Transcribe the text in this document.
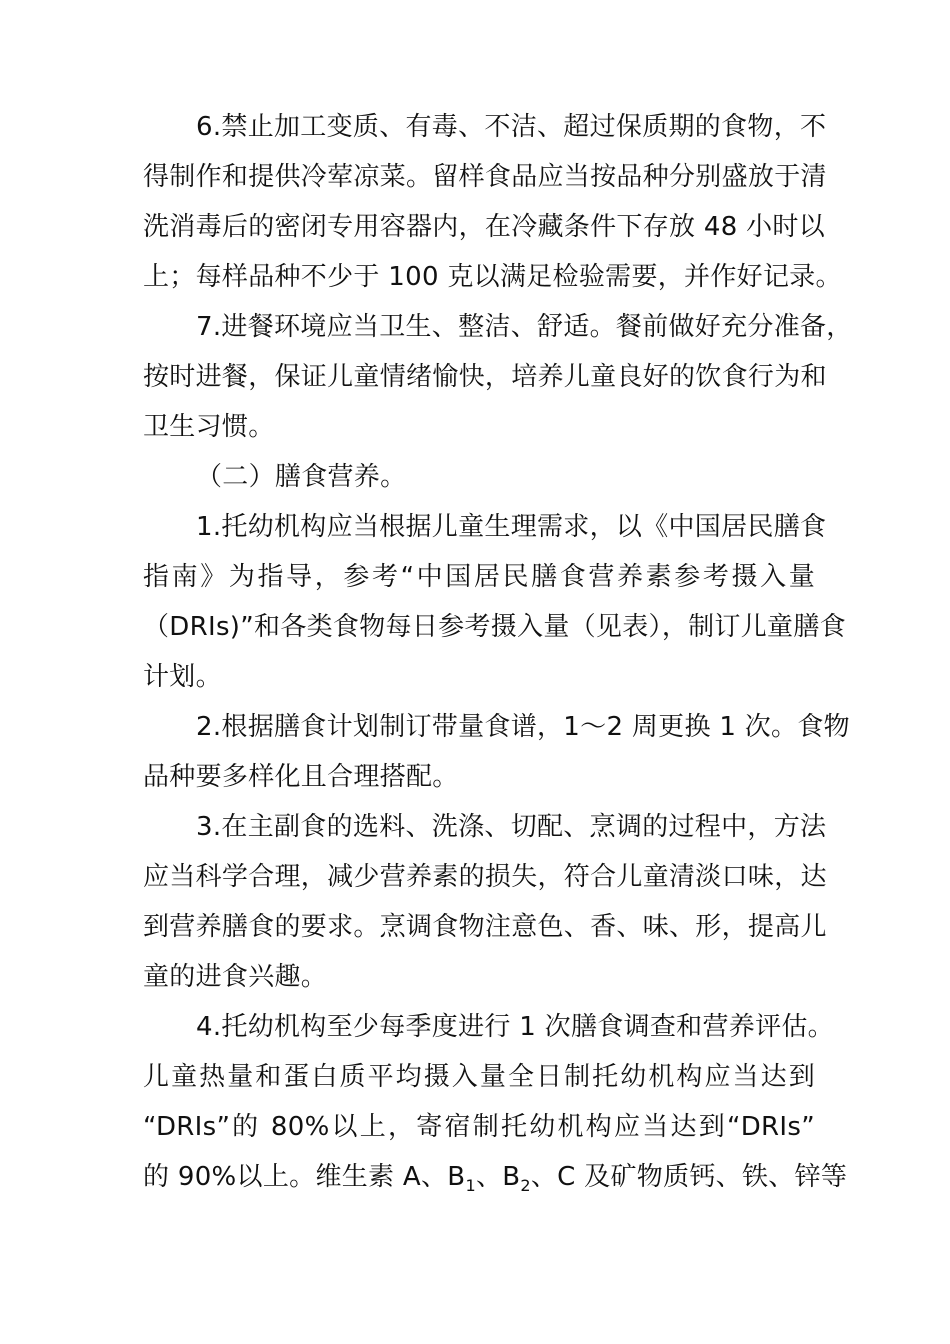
6.禁止加工变质、有毒、不洁、超过保质期的食物，不
得制作和提供冷荤凉菜。留样食品应当按品种分别盛放于清
洗消毒后的密闭专用容器内，在冷藏条件下存放 48 小时以
上；每样品种不少于 100 克以满足检验需要，并作好记录。
7.进餐环境应当卫生、整洁、舒适。餐前做好充分准备，
按时进餐，保证儿童情绪愉快，培养儿童良好的饮食行为和
卫生习惯。
（二）膳食营养。
1.托幼机构应当根据儿童生理需求，以《中国居民膳食
指南》为指导，参考“中国居民膳食营养素参考摄入量
（DRIs)”和各类食物每日参考摄入量（见表），制订儿童膳食
计划。
2.根据膳食计划制订带量食谱，1～2 周更换 1 次。食物
品种要多样化且合理搭配。
3.在主副食的选料、洗涤、切配、烹调的过程中，方法
应当科学合理，减少营养素的损失，符合儿童清淡口味，达
到营养膳食的要求。烹调食物注意色、香、味、形，提高儿
童的进食兴趣。
4.托幼机构至少每季度进行 1 次膳食调查和营养评估。
儿童热量和蛋白质平均摄入量全日制托幼机构应当达到
“DRIs”的 80%以上，寄宿制托幼机构应当达到“DRIs”
的 90%以上。维生素 A、$B_1$、$B_2$、C 及矿物质钙、铁、锌等
